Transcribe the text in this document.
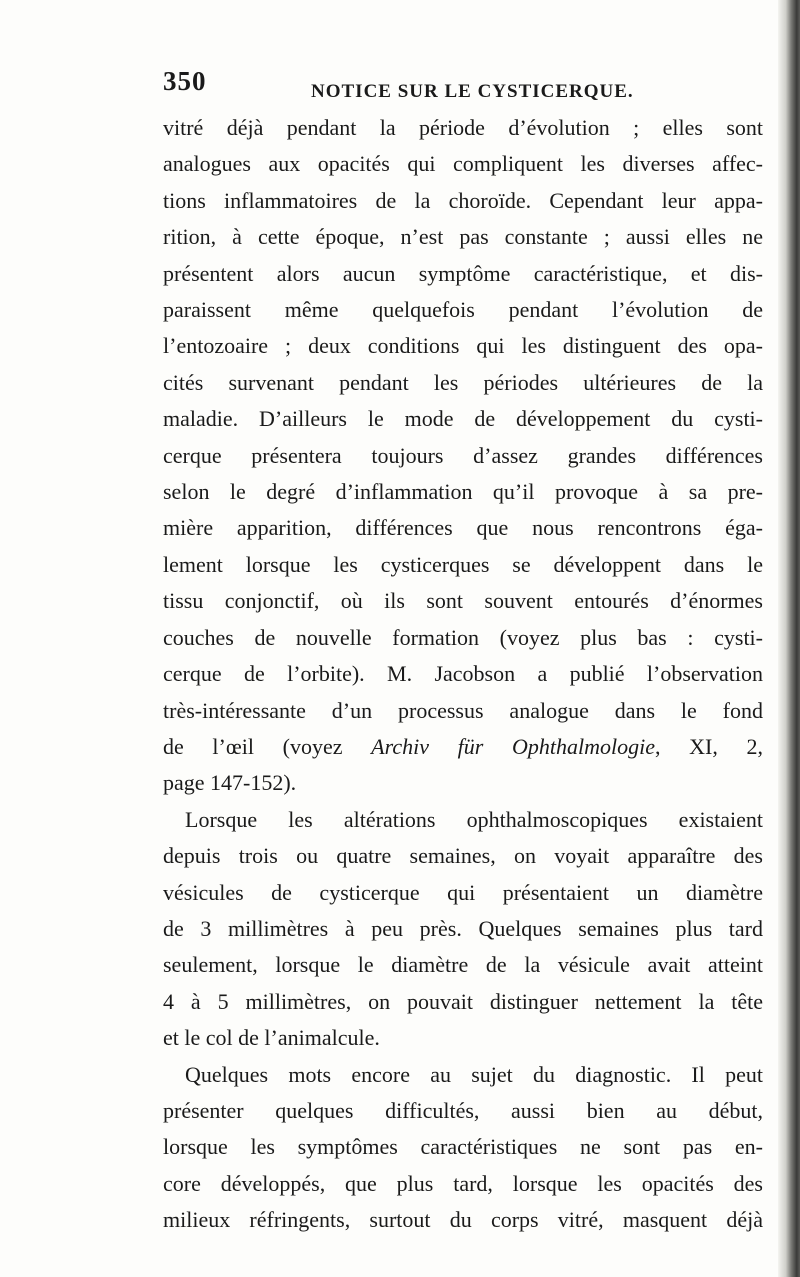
350	NOTICE SUR LE CYSTICERQUE.
vitré déjà pendant la période d’évolution ; elles sont
analogues aux opacités qui compliquent les diverses affec-
tions inflammatoires de la choroïde. Cependant leur appa-
rition, à cette époque, n’est pas constante ; aussi elles ne
présentent alors aucun symptôme caractéristique, et dis-
paraissent même quelquefois pendant l’évolution de
l’entozoaire ; deux conditions qui les distinguent des opa-
cités survenant pendant les périodes ultérieures de la
maladie. D’ailleurs le mode de développement du cysti-
cerque présentera toujours d’assez grandes différences
selon le degré d’inflammation qu’il provoque à sa pre-
mière apparition, différences que nous rencontrons éga-
lement lorsque les cysticerques se développent dans le
tissu conjonctif, où ils sont souvent entourés d’énormes
couches de nouvelle formation (voyez plus bas : cysti-
cerque de l’orbite). M. Jacobson a publié l’observation
très-intéressante d’un processus analogue dans le fond
de l’œil (voyez Archiv für Ophthalmologie, XI, 2,
page 147-152).
Lorsque les altérations ophthalmoscopiques existaient
depuis trois ou quatre semaines, on voyait apparaître des
vésicules de cysticerque qui présentaient un diamètre
de 3 millimètres à peu près. Quelques semaines plus tard
seulement, lorsque le diamètre de la vésicule avait atteint
4 à 5 millimètres, on pouvait distinguer nettement la tête
et le col de l’animalcule.
Quelques mots encore au sujet du diagnostic. Il peut
présenter quelques difficultés, aussi bien au début,
lorsque les symptômes caractéristiques ne sont pas en-
core développés, que plus tard, lorsque les opacités des
milieux réfringents, surtout du corps vitré, masquent déjà
